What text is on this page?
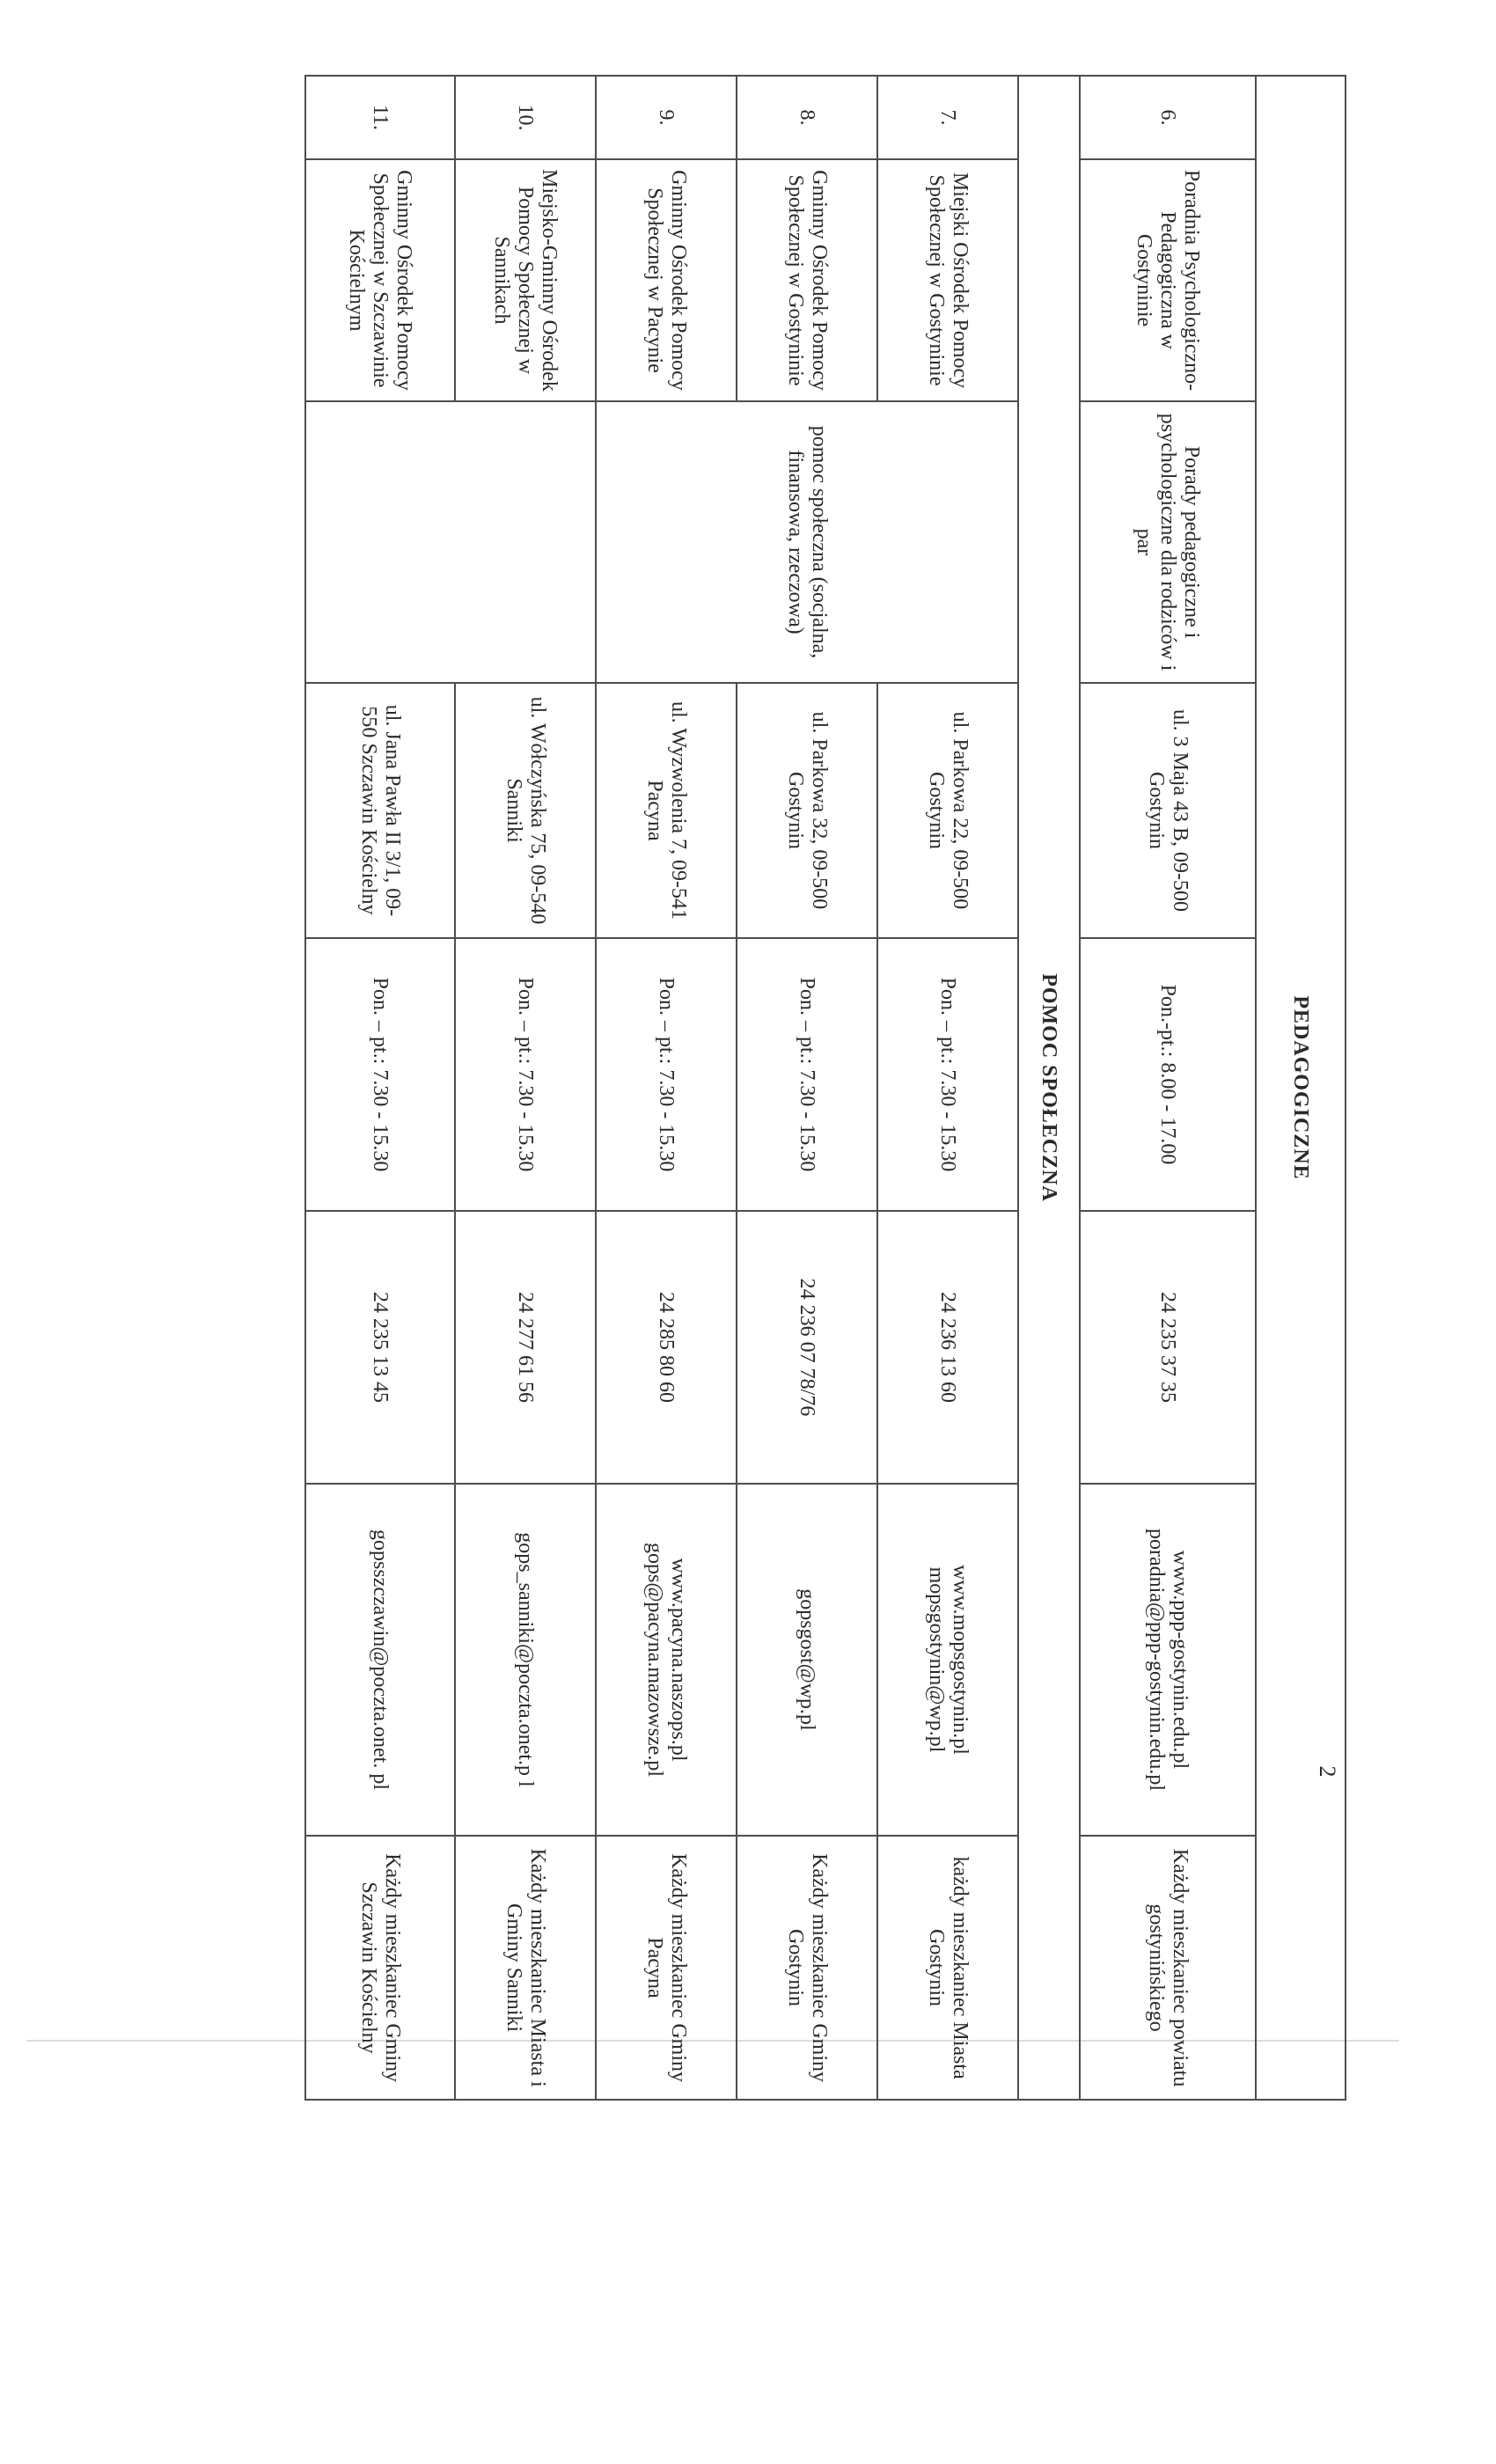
PEDAGOGICZNE							
6.	Poradnia Psychologiczno-Pedagogiczna w Gostyninie	Porady pedagogiczne i psychologiczne dla rodziców i par	ul. 3 Maja 43 B, 09-500 Gostynin	Pon.-pt.: 8.00 - 17.00	24 235 37 35	www.ppp-gostynin.edu.pl poradnia@ppp-gostynin.edu.pl	Każdy mieszkaniec powiatu gostynińskiego
POMOC SPOŁECZNA							
7.	Miejski Ośrodek Pomocy Społecznej w Gostyninie	pomoc społeczna (socjalna, finansowa, rzeczowa)	ul. Parkowa 22, 09-500 Gostynin	Pon. – pt.: 7.30 - 15.30	24 236 13 60	www.mopsgostynin.pl mopsgostynin@wp.pl	każdy mieszkaniec Miasta Gostynin
8.	Gminny Ośrodek Pomocy Społecznej w Gostyninie		ul. Parkowa 32, 09-500 Gostynin	Pon. – pt.: 7.30 - 15.30	24 236 07 78/76	gopsgost@wp.pl	Każdy mieszkaniec Gminy Gostynin
9.	Gminny Ośrodek Pomocy Społecznej w Pacynie		ul. Wyzwolenia 7, 09-541 Pacyna	Pon. – pt.: 7.30 - 15.30	24 285 80 60	www.pacyna.naszops.pl gops@pacyna.mazowsze.pl	Każdy mieszkaniec Gminy Pacyna
10.	Miejsko-Gminny Ośrodek Pomocy Społecznej w Sannikach		ul. Wółczyńska 75, 09-540 Sanniki	Pon. – pt.: 7.30 - 15.30	24 277 61 56	gops_sanniki@poczta.onet.p l	Każdy mieszkaniec Miasta i Gminy Sanniki
11.	Gminny Ośrodek Pomocy Społecznej w Szczawinie Kościelnym		ul. Jana Pawła II 3/1, 09-550 Szczawin Kościelny	Pon. – pt.: 7.30 - 15.30	24 235 13 45	gopsszczawin@poczta.onet. pl	Każdy mieszkaniec Gminy Szczawin Kościelny
2
